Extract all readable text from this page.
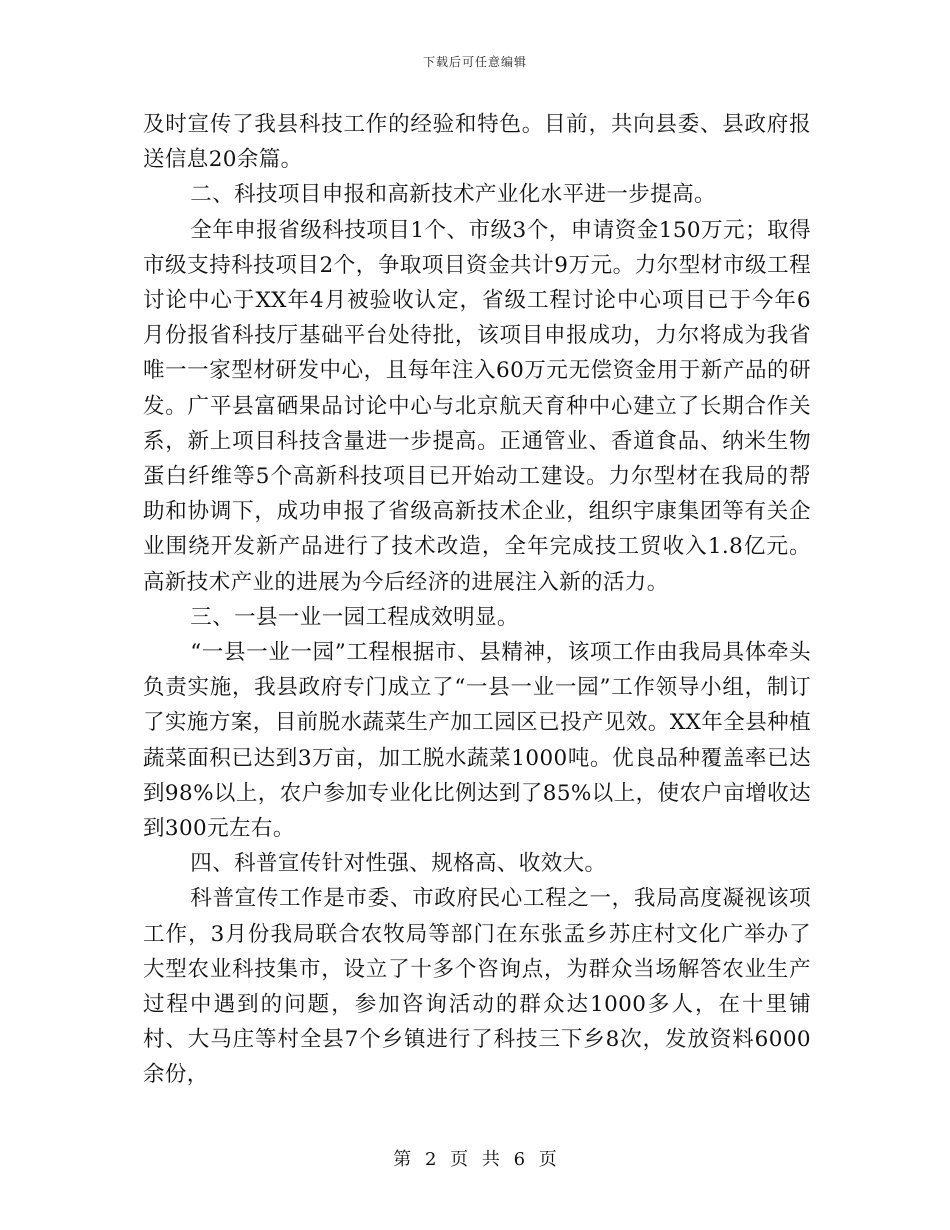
下载后可任意编辑

及时宣传了我县科技工作的经验和特色。目前，共向县委、县政府报送信息20余篇。

二、科技项目申报和高新技术产业化水平进一步提高。

全年申报省级科技项目1个、市级3个，申请资金150万元；取得市级支持科技项目2个，争取项目资金共计9万元。力尔型材市级工程讨论中心于XX年4月被验收认定，省级工程讨论中心项目已于今年6月份报省科技厅基础平台处待批，该项目申报成功，力尔将成为我省唯一一家型材研发中心，且每年注入60万元无偿资金用于新产品的研发。广平县富硒果品讨论中心与北京航天育种中心建立了长期合作关系，新上项目科技含量进一步提高。正通管业、香道食品、纳米生物蛋白纤维等5个高新科技项目已开始动工建设。力尔型材在我局的帮助和协调下，成功申报了省级高新技术企业，组织宇康集团等有关企业围绕开发新产品进行了技术改造，全年完成技工贸收入1.8亿元。高新技术产业的进展为今后经济的进展注入新的活力。

三、一县一业一园工程成效明显。

“一县一业一园”工程根据市、县精神，该项工作由我局具体牵头负责实施，我县政府专门成立了“一县一业一园”工作领导小组，制订了实施方案，目前脱水蔬菜生产加工园区已投产见效。XX年全县种植蔬菜面积已达到3万亩，加工脱水蔬菜1000吨。优良品种覆盖率已达到98%以上，农户参加专业化比例达到了85%以上，使农户亩增收达到300元左右。

四、科普宣传针对性强、规格高、收效大。

科普宣传工作是市委、市政府民心工程之一，我局高度凝视该项工作，3月份我局联合农牧局等部门在东张孟乡苏庄村文化广举办了大型农业科技集市，设立了十多个咨询点，为群众当场解答农业生产过程中遇到的问题，参加咨询活动的群众达1000多人，在十里铺村、大马庄等村全县7个乡镇进行了科技三下乡8次，发放资料6000余份，

第 2 页 共 6 页
